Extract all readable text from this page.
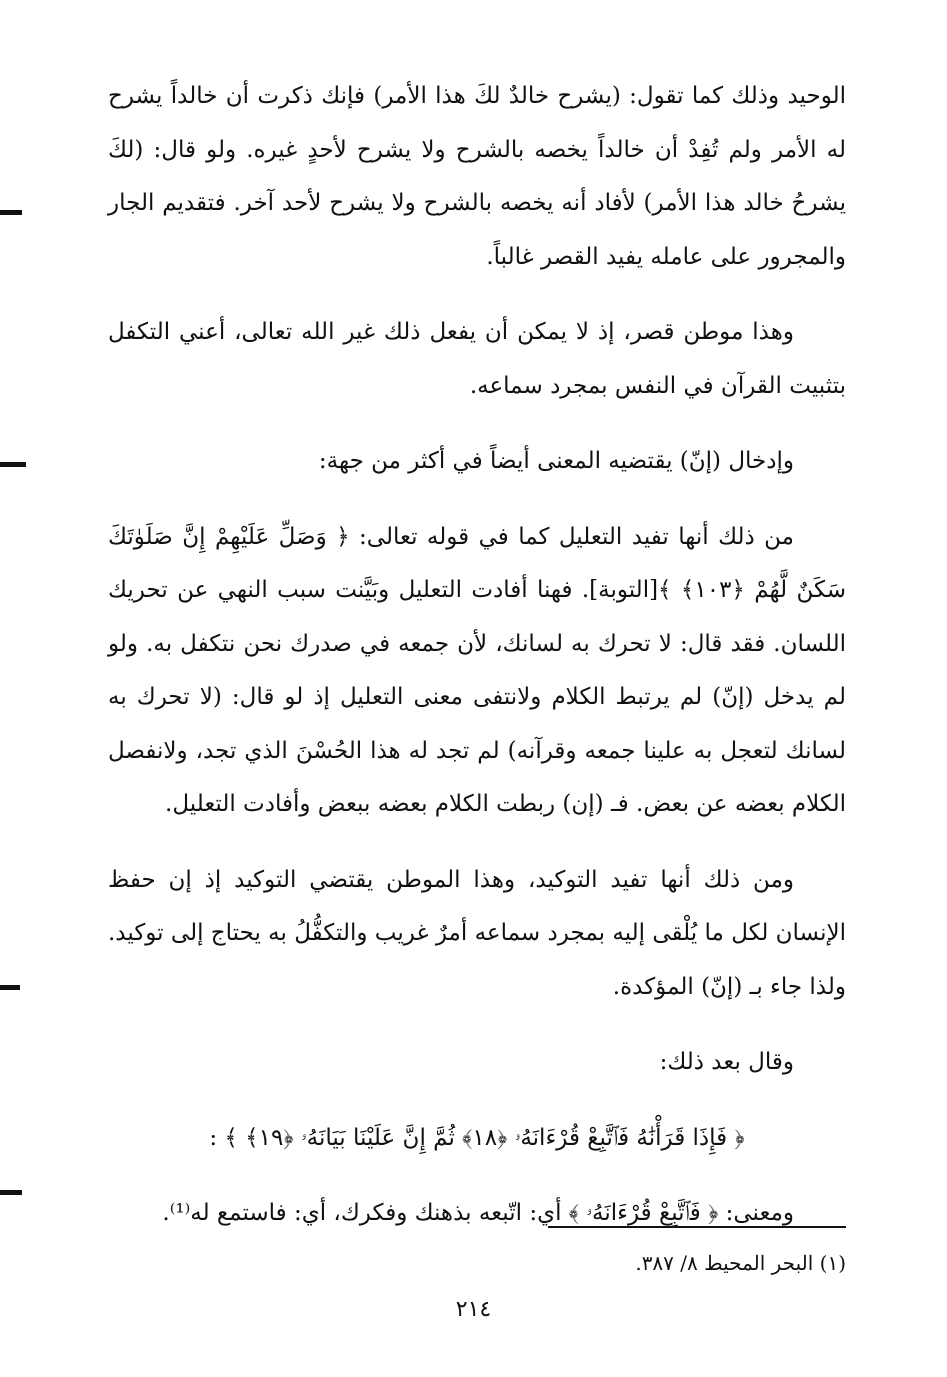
الوحيد وذلك كما تقول: (يشرح خالدٌ لكَ هذا الأمر) فإنك ذكرت أن خالداً يشرح له الأمر ولم تُفِدْ أن خالداً يخصه بالشرح ولا يشرح لأحدٍ غيره. ولو قال: (لكَ يشرحُ خالد هذا الأمر) لأفاد أنه يخصه بالشرح ولا يشرح لأحد آخر. فتقديم الجار والمجرور على عامله يفيد القصر غالباً.

وهذا موطن قصر، إذ لا يمكن أن يفعل ذلك غير الله تعالى، أعني التكفل بتثبيت القرآن في النفس بمجرد سماعه.

وإدخال (إنّ) يقتضيه المعنى أيضاً في أكثر من جهة:

من ذلك أنها تفيد التعليل كما في قوله تعالى: ﴿ وَصَلِّ عَلَيْهِمْ إِنَّ صَلَوٰتَكَ سَكَنٌ لَّهُمْ ﴿١٠٣﴾ ﴾[التوبة]. فهنا أفادت التعليل وبَيَّنت سبب النهي عن تحريك اللسان. فقد قال: لا تحرك به لسانك، لأن جمعه في صدرك نحن نتكفل به. ولو لم يدخل (إنّ) لم يرتبط الكلام ولانتفى معنى التعليل إذ لو قال: (لا تحرك به لسانك لتعجل به علينا جمعه وقرآنه) لم تجد له هذا الحُسْنَ الذي تجد، ولانفصل الكلام بعضه عن بعض. فـ (إن) ربطت الكلام بعضه ببعض وأفادت التعليل.

ومن ذلك أنها تفيد التوكيد، وهذا الموطن يقتضي التوكيد إذ إن حفظ الإنسان لكل ما يُلْقى إليه بمجرد سماعه أمرٌ غريب والتكفُّلُ به يحتاج إلى توكيد. ولذا جاء بـ (إنّ) المؤكدة.

وقال بعد ذلك:

﴿ فَإِذَا قَرَأْنَٰهُ فَٱتَّبِعْ قُرْءَانَهُۥ ﴿١٨﴾ ثُمَّ إِنَّ عَلَيْنَا بَيَانَهُۥ ﴿١٩﴾ ﴾ :

ومعنى: ﴿ فَٱتَّبِعْ قُرْءَانَهُۥ ﴾ أي: اتّبعه بذهنك وفكرك، أي: فاستمع له⁽¹⁾.

(١) البحر المحيط ٨/ ٣٨٧.
٢١٤
